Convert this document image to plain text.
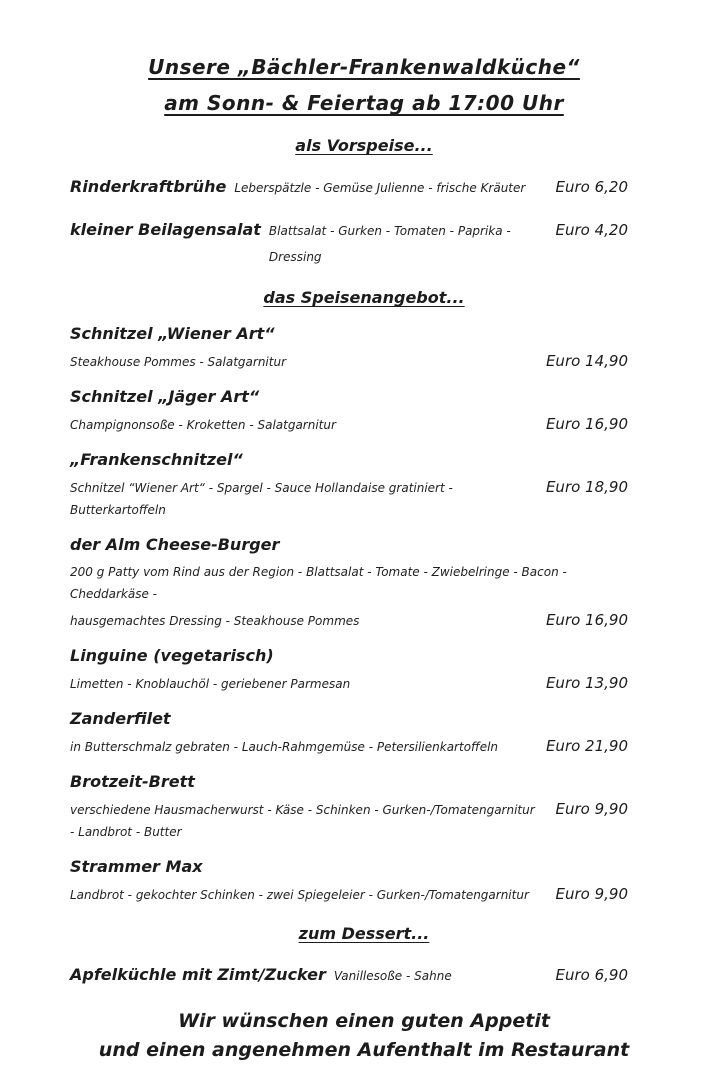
Unsere „Bächler-Frankenwaldküche“
am Sonn- & Feiertag ab 17:00 Uhr
als Vorspeise...
Rinderkraftbrühe Leberspätzle - Gemüse Julienne - frische Kräuter Euro 6,20
kleiner Beilagensalat Blattsalat - Gurken - Tomaten - Paprika - Dressing
Euro 4,20
das Speisenangebot...
Schnitzel „Wiener Art“
Steakhouse Pommes - Salatgarnitur	Euro 14,90
Schnitzel „Jäger Art“
Champignonsoße - Kroketten - Salatgarnitur	Euro 16,90
„Frankenschnitzel“
Schnitzel “Wiener Art“ - Spargel - Sauce Hollandaise gratiniert - Butterkartoffeln
Euro 18,90
der Alm Cheese-Burger
200 g Patty vom Rind aus der Region - Blattsalat - Tomate - Zwiebelringe - Bacon - Cheddarkäse -
hausgemachtes Dressing - Steakhouse Pommes	Euro 16,90
Linguine (vegetarisch)
Limetten - Knoblauchöl - geriebener Parmesan	Euro 13,90
Zanderfilet
in Butterschmalz gebraten - Lauch-Rahmgemüse - Petersilienkartoffeln	Euro 21,90
Brotzeit-Brett
verschiedene Hausmacherwurst - Käse - Schinken - Gurken-/Tomatengarnitur - Landbrot - Butter
Euro 9,90
Strammer Max
Landbrot - gekochter Schinken - zwei Spiegeleier - Gurken-/Tomatengarnitur Euro 9,90
zum Dessert...
Apfelküchle mit Zimt/Zucker Vanillesoße - Sahne	Euro 6,90

Wir wünschen einen guten Appetit

und einen angenehmen Aufenthalt im Restaurant
